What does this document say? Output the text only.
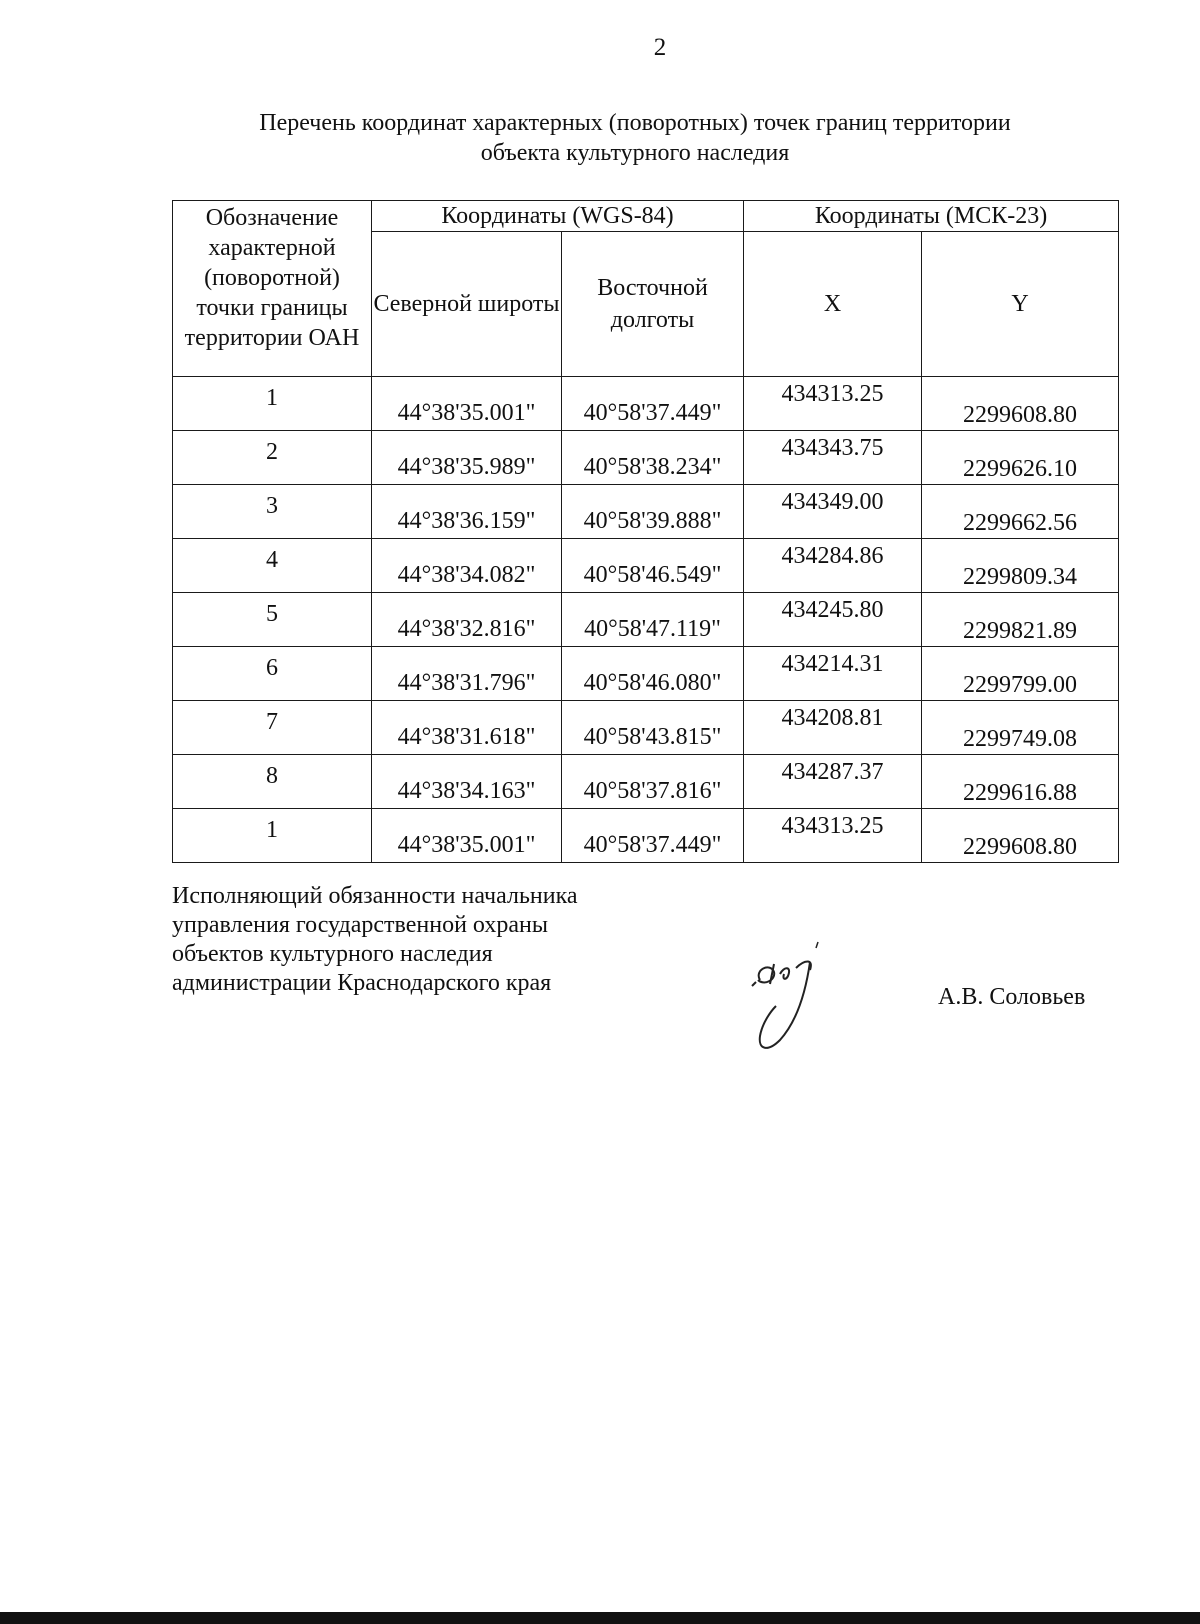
2
Перечень координат характерных (поворотных) точек границ территории
объекта культурного наследия
Обозначение характерной (поворотной) точки границы территории ОАН	Координаты (WGS-84)		Координаты (МСК-23)	
	Северной широты	Восточной долготы	X	Y
1	44°38'35.001"	40°58'37.449"	434313.25	2299608.80
2	44°38'35.989"	40°58'38.234"	434343.75	2299626.10
3	44°38'36.159"	40°58'39.888"	434349.00	2299662.56
4	44°38'34.082"	40°58'46.549"	434284.86	2299809.34
5	44°38'32.816"	40°58'47.119"	434245.80	2299821.89
6	44°38'31.796"	40°58'46.080"	434214.31	2299799.00
7	44°38'31.618"	40°58'43.815"	434208.81	2299749.08
8	44°38'34.163"	40°58'37.816"	434287.37	2299616.88
1	44°38'35.001"	40°58'37.449"	434313.25	2299608.80
Исполняющий обязанности начальника
управления государственной охраны
объектов культурного наследия
администрации Краснодарского края
А.В. Соловьев
